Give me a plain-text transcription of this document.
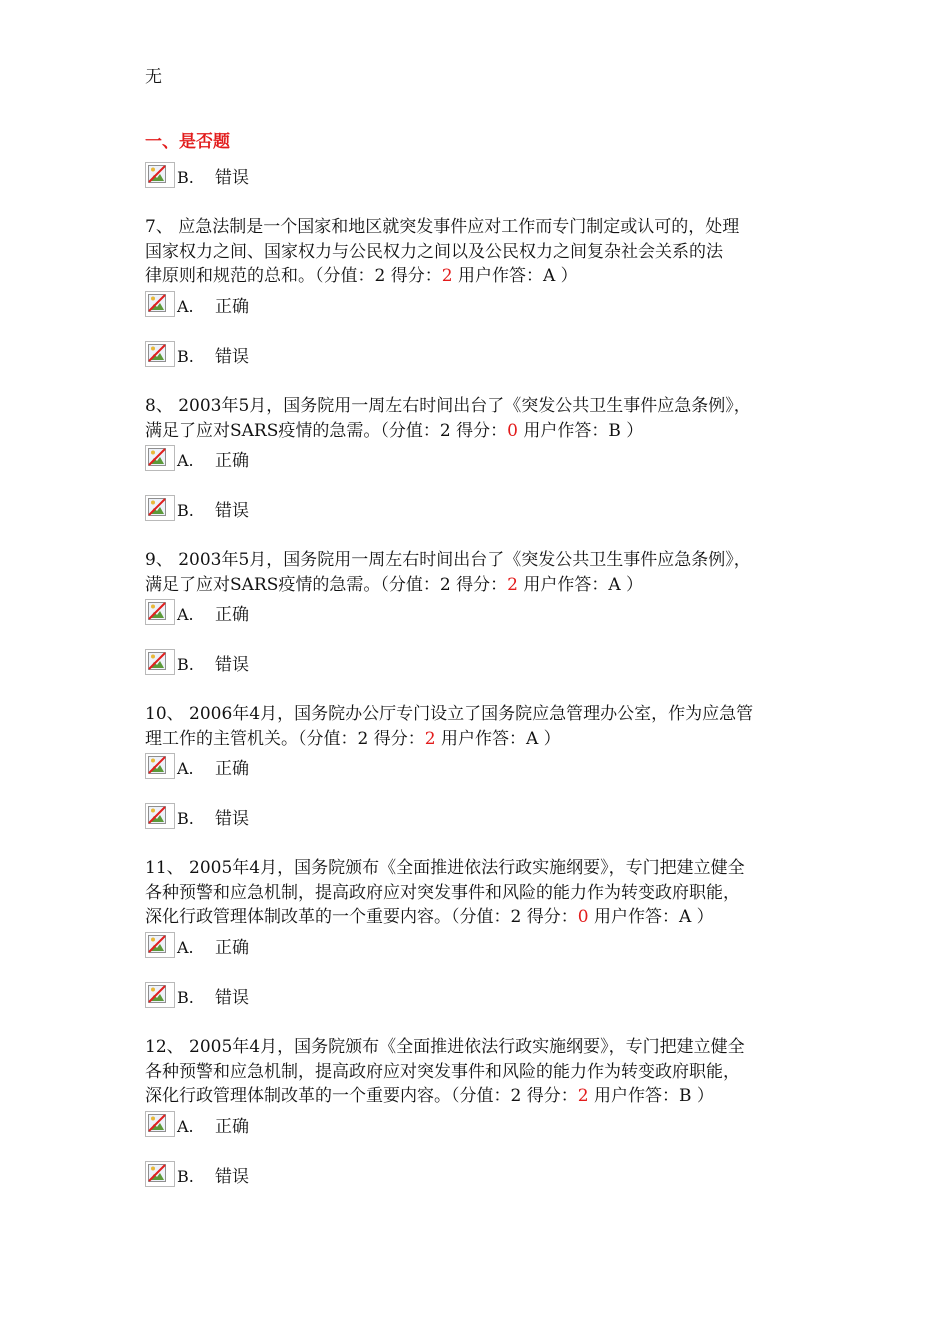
无
一、是否题
B.	错误
7、 应急法制是一个国家和地区就突发事件应对工作而专门制定或认可的，处理
国家权力之间、国家权力与公民权力之间以及公民权力之间复杂社会关系的法
律原则和规范的总和。（分值：2 得分：2 用户作答：A ）
A.	正确
B.	错误
8、 2003年5月，国务院用一周左右时间出台了《突发公共卫生事件应急条例》，
满足了应对SARS疫情的急需。（分值：2 得分：0 用户作答：B ）
A.	正确
B.	错误
9、 2003年5月，国务院用一周左右时间出台了《突发公共卫生事件应急条例》，
满足了应对SARS疫情的急需。（分值：2 得分：2 用户作答：A ）
A.	正确
B.	错误
10、 2006年4月，国务院办公厅专门设立了国务院应急管理办公室，作为应急管
理工作的主管机关。（分值：2 得分：2 用户作答：A ）
A.	正确
B.	错误
11、 2005年4月，国务院颁布《全面推进依法行政实施纲要》，专门把建立健全
各种预警和应急机制，提高政府应对突发事件和风险的能力作为转变政府职能，
深化行政管理体制改革的一个重要内容。（分值：2 得分：0 用户作答：A ）
A.	正确
B.	错误
12、 2005年4月，国务院颁布《全面推进依法行政实施纲要》，专门把建立健全
各种预警和应急机制，提高政府应对突发事件和风险的能力作为转变政府职能，
深化行政管理体制改革的一个重要内容。（分值：2 得分：2 用户作答：B ）
A.	正确
B.	错误
